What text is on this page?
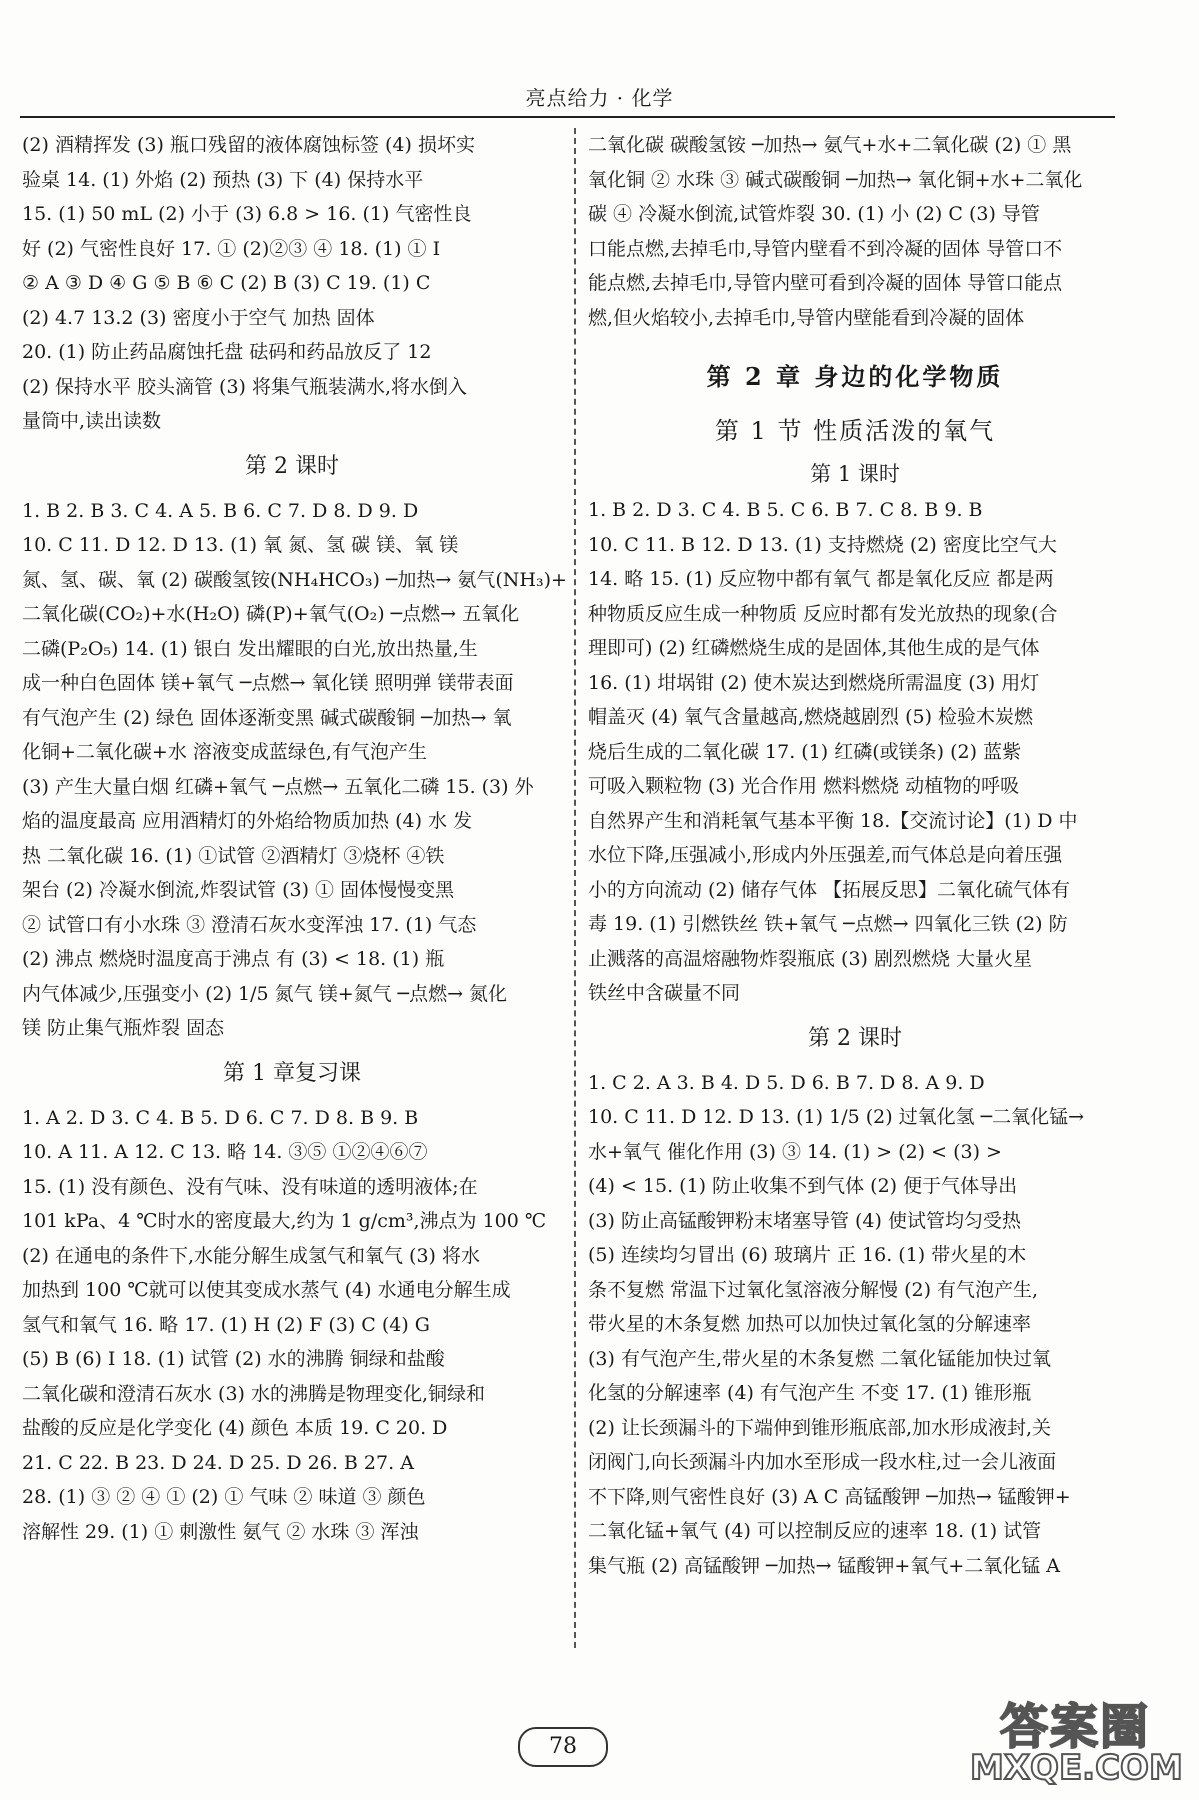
亮点给力 · 化学
(2) 酒精挥发 (3) 瓶口残留的液体腐蚀标签 (4) 损坏实
验桌 14. (1) 外焰 (2) 预热 (3) 下 (4) 保持水平
15. (1) 50 mL (2) 小于 (3) 6.8 > 16. (1) 气密性良
好 (2) 气密性良好 17. ① (2)②③ ④ 18. (1) ① I
② A ③ D ④ G ⑤ B ⑥ C (2) B (3) C 19. (1) C
(2) 4.7 13.2 (3) 密度小于空气 加热 固体
20. (1) 防止药品腐蚀托盘 砝码和药品放反了 12
(2) 保持水平 胶头滴管 (3) 将集气瓶装满水,将水倒入
量筒中,读出读数
第 2 课时
1. B 2. B 3. C 4. A 5. B 6. C 7. D 8. D 9. D
10. C 11. D 12. D 13. (1) 氧 氮、氢 碳 镁、氧 镁
氮、氢、碳、氧 (2) 碳酸氢铵(NH₄HCO₃) ─加热→ 氨气(NH₃)+
二氧化碳(CO₂)+水(H₂O) 磷(P)+氧气(O₂) ─点燃→ 五氧化
二磷(P₂O₅) 14. (1) 银白 发出耀眼的白光,放出热量,生
成一种白色固体 镁+氧气 ─点燃→ 氧化镁 照明弹 镁带表面
有气泡产生 (2) 绿色 固体逐渐变黑 碱式碳酸铜 ─加热→ 氧
化铜+二氧化碳+水 溶液变成蓝绿色,有气泡产生
(3) 产生大量白烟 红磷+氧气 ─点燃→ 五氧化二磷 15. (3) 外
焰的温度最高 应用酒精灯的外焰给物质加热 (4) 水 发
热 二氧化碳 16. (1) ①试管 ②酒精灯 ③烧杯 ④铁
架台 (2) 冷凝水倒流,炸裂试管 (3) ① 固体慢慢变黑
② 试管口有小水珠 ③ 澄清石灰水变浑浊 17. (1) 气态
(2) 沸点 燃烧时温度高于沸点 有 (3) < 18. (1) 瓶
内气体减少,压强变小 (2) 1/5 氮气 镁+氮气 ─点燃→ 氮化
镁 防止集气瓶炸裂 固态
第 1 章复习课
1. A 2. D 3. C 4. B 5. D 6. C 7. D 8. B 9. B
10. A 11. A 12. C 13. 略 14. ③⑤ ①②④⑥⑦
15. (1) 没有颜色、没有气味、没有味道的透明液体;在
101 kPa、4 ℃时水的密度最大,约为 1 g/cm³,沸点为 100 ℃
(2) 在通电的条件下,水能分解生成氢气和氧气 (3) 将水
加热到 100 ℃就可以使其变成水蒸气 (4) 水通电分解生成
氢气和氧气 16. 略 17. (1) H (2) F (3) C (4) G
(5) B (6) I 18. (1) 试管 (2) 水的沸腾 铜绿和盐酸
二氧化碳和澄清石灰水 (3) 水的沸腾是物理变化,铜绿和
盐酸的反应是化学变化 (4) 颜色 本质 19. C 20. D
21. C 22. B 23. D 24. D 25. D 26. B 27. A
28. (1) ③ ② ④ ① (2) ① 气味 ② 味道 ③ 颜色
溶解性 29. (1) ① 刺激性 氨气 ② 水珠 ③ 浑浊
二氧化碳 碳酸氢铵 ─加热→ 氨气+水+二氧化碳 (2) ① 黑
氧化铜 ② 水珠 ③ 碱式碳酸铜 ─加热→ 氧化铜+水+二氧化
碳 ④ 冷凝水倒流,试管炸裂 30. (1) 小 (2) C (3) 导管
口能点燃,去掉毛巾,导管内壁看不到冷凝的固体 导管口不
能点燃,去掉毛巾,导管内壁可看到冷凝的固体 导管口能点
燃,但火焰较小,去掉毛巾,导管内壁能看到冷凝的固体
第 2 章 身边的化学物质
第 1 节 性质活泼的氧气
第 1 课时
1. B 2. D 3. C 4. B 5. C 6. B 7. C 8. B 9. B
10. C 11. B 12. D 13. (1) 支持燃烧 (2) 密度比空气大
14. 略 15. (1) 反应物中都有氧气 都是氧化反应 都是两
种物质反应生成一种物质 反应时都有发光放热的现象(合
理即可) (2) 红磷燃烧生成的是固体,其他生成的是气体
16. (1) 坩埚钳 (2) 使木炭达到燃烧所需温度 (3) 用灯
帽盖灭 (4) 氧气含量越高,燃烧越剧烈 (5) 检验木炭燃
烧后生成的二氧化碳 17. (1) 红磷(或镁条) (2) 蓝紫
可吸入颗粒物 (3) 光合作用 燃料燃烧 动植物的呼吸
自然界产生和消耗氧气基本平衡 18.【交流讨论】(1) D 中
水位下降,压强减小,形成内外压强差,而气体总是向着压强
小的方向流动 (2) 储存气体 【拓展反思】二氧化硫气体有
毒 19. (1) 引燃铁丝 铁+氧气 ─点燃→ 四氧化三铁 (2) 防
止溅落的高温熔融物炸裂瓶底 (3) 剧烈燃烧 大量火星
铁丝中含碳量不同
第 2 课时
1. C 2. A 3. B 4. D 5. D 6. B 7. D 8. A 9. D
10. C 11. D 12. D 13. (1) 1/5 (2) 过氧化氢 ─二氧化锰→
水+氧气 催化作用 (3) ③ 14. (1) > (2) < (3) >
(4) < 15. (1) 防止收集不到气体 (2) 便于气体导出
(3) 防止高锰酸钾粉末堵塞导管 (4) 使试管均匀受热
(5) 连续均匀冒出 (6) 玻璃片 正 16. (1) 带火星的木
条不复燃 常温下过氧化氢溶液分解慢 (2) 有气泡产生,
带火星的木条复燃 加热可以加快过氧化氢的分解速率
(3) 有气泡产生,带火星的木条复燃 二氧化锰能加快过氧
化氢的分解速率 (4) 有气泡产生 不变 17. (1) 锥形瓶
(2) 让长颈漏斗的下端伸到锥形瓶底部,加水形成液封,关
闭阀门,向长颈漏斗内加水至形成一段水柱,过一会儿液面
不下降,则气密性良好 (3) A C 高锰酸钾 ─加热→ 锰酸钾+
二氧化锰+氧气 (4) 可以控制反应的速率 18. (1) 试管
集气瓶 (2) 高锰酸钾 ─加热→ 锰酸钾+氧气+二氧化锰 A
78	答案圈
MXQE.COM
